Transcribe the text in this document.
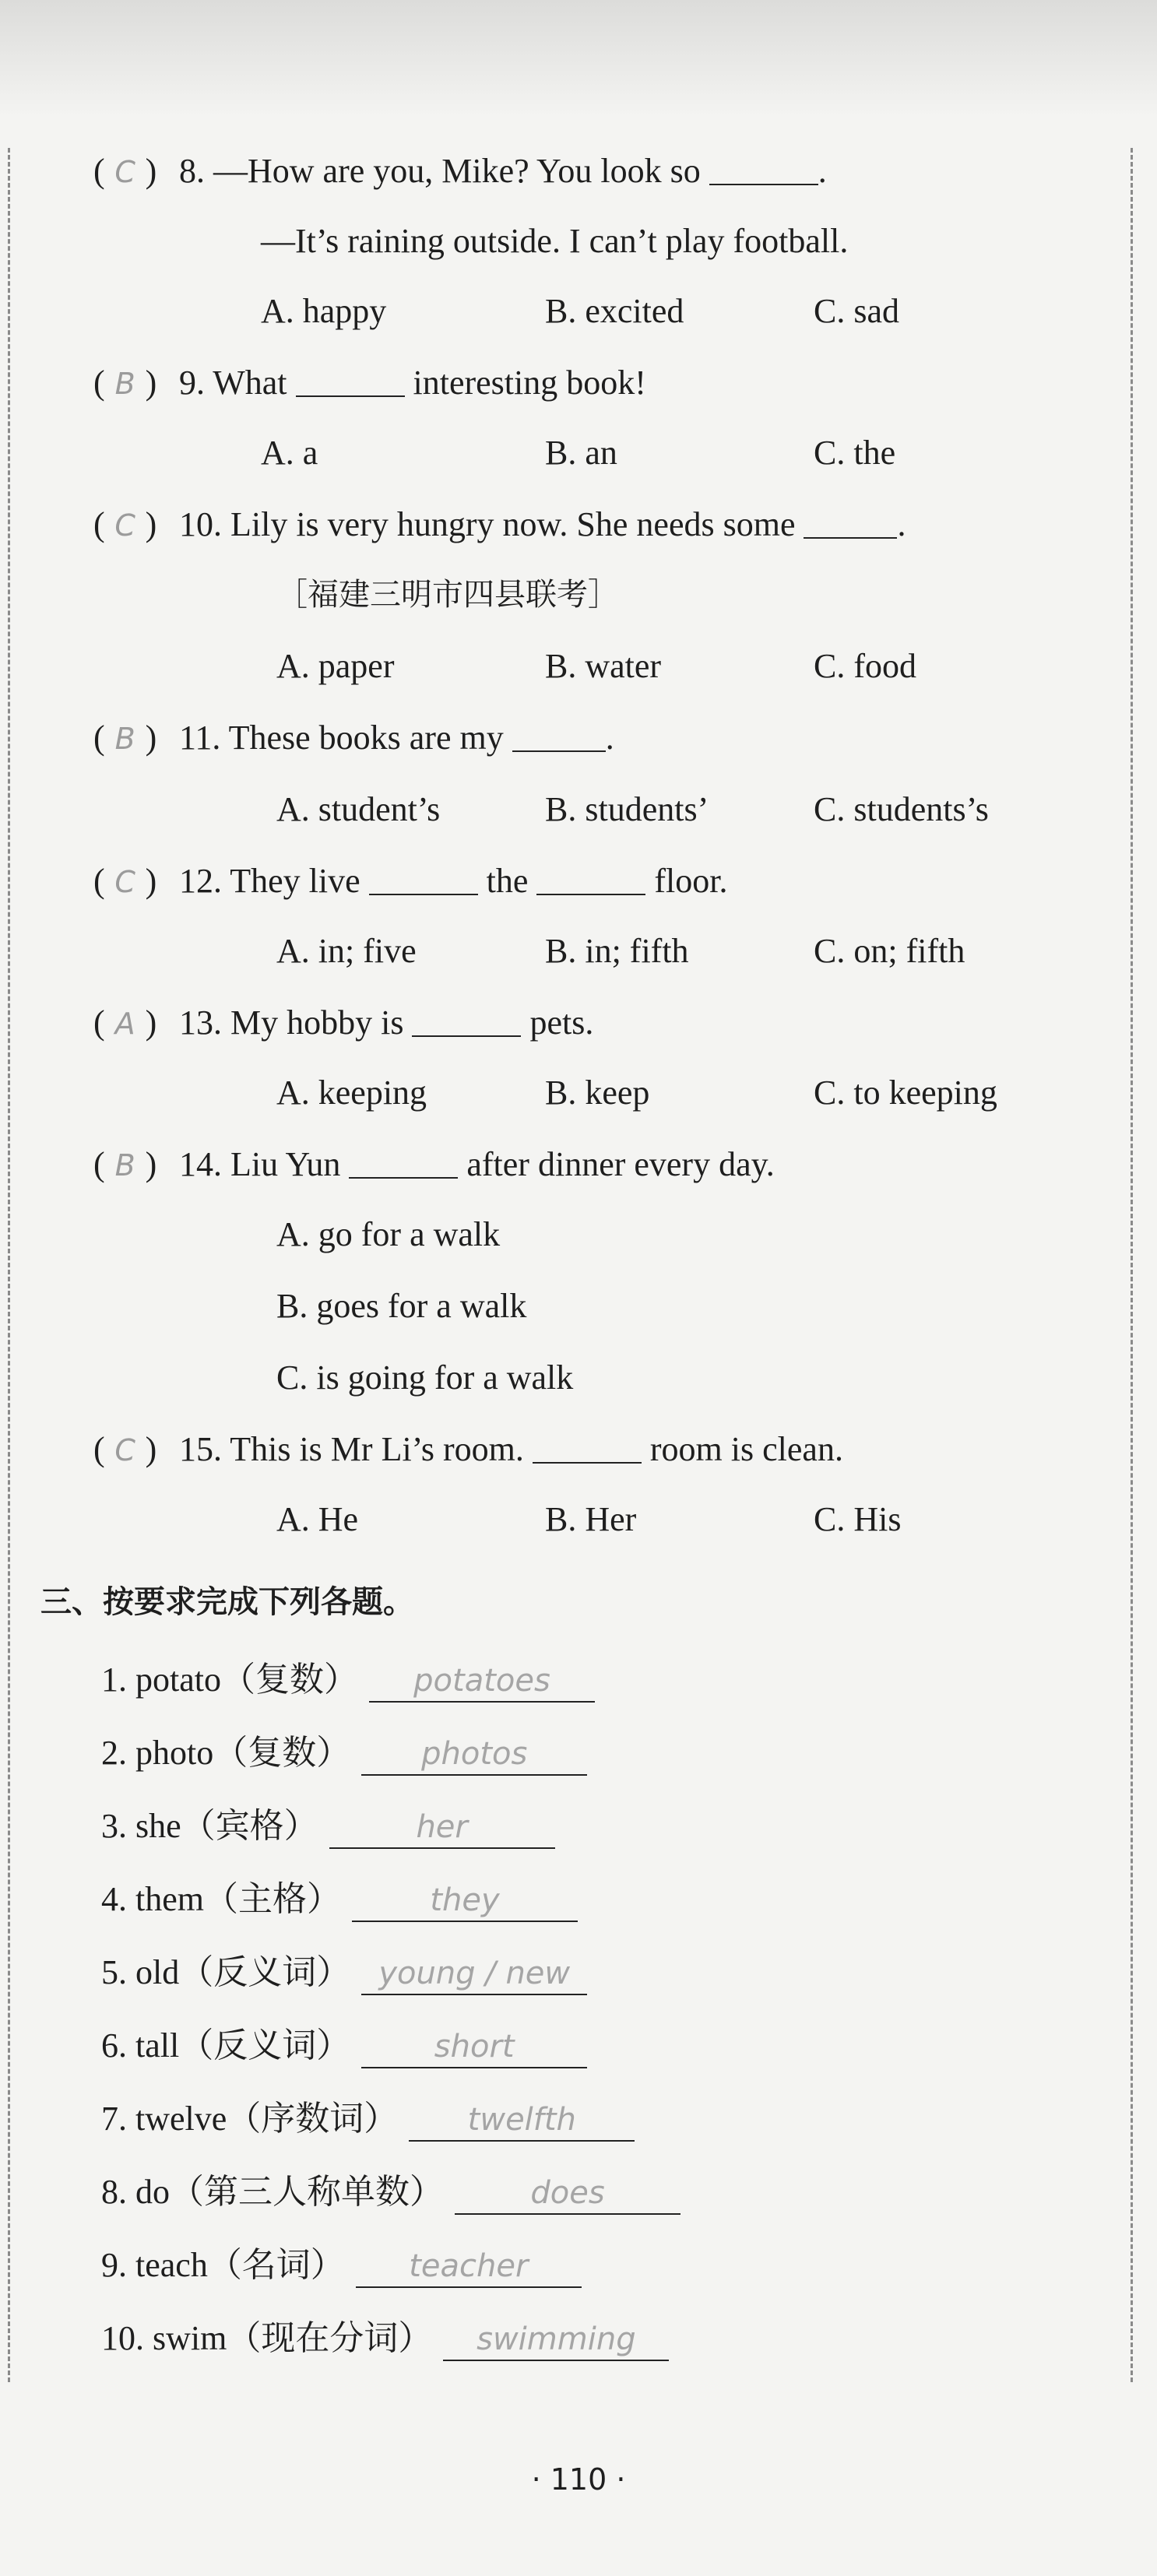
( C ) 8. —How are you, Mike? You look so	.
—It’s raining outside. I can’t play football.
A. happy	B. excited	C. sad
( B ) 9. What	interesting book!
A. a	B. an	C. the
( C ) 10. Lily is very hungry now. She needs some	.
［福建三明市四县联考］
A. paper	B. water	C. food
( B ) 11. These books are my	.
A. student’s	B. students’	C. students’s
( C ) 12. They live	the	floor.
A. in; five	B. in; fifth	C. on; fifth
( A ) 13. My hobby is	pets.
A. keeping	B. keep	C. to keeping
( B ) 14. Liu Yun	after dinner every day.
A. go for a walk
B. goes for a walk
C. is going for a walk
( C ) 15. This is Mr Li’s room.	room is clean.
A. He	B. Her	C. His
三、按要求完成下列各题。
1. potato（复数） potatoes
2. photo（复数） photos
3. she（宾格）	her
4. them（主格）	they
5. old（反义词） young / new
6. tall（反义词）	short
7. twelve（序数词） twelfth
8. do（第三人称单数）	does
9. teach（名词） teacher
10. swim（现在分词） swimming
· 110 ·
